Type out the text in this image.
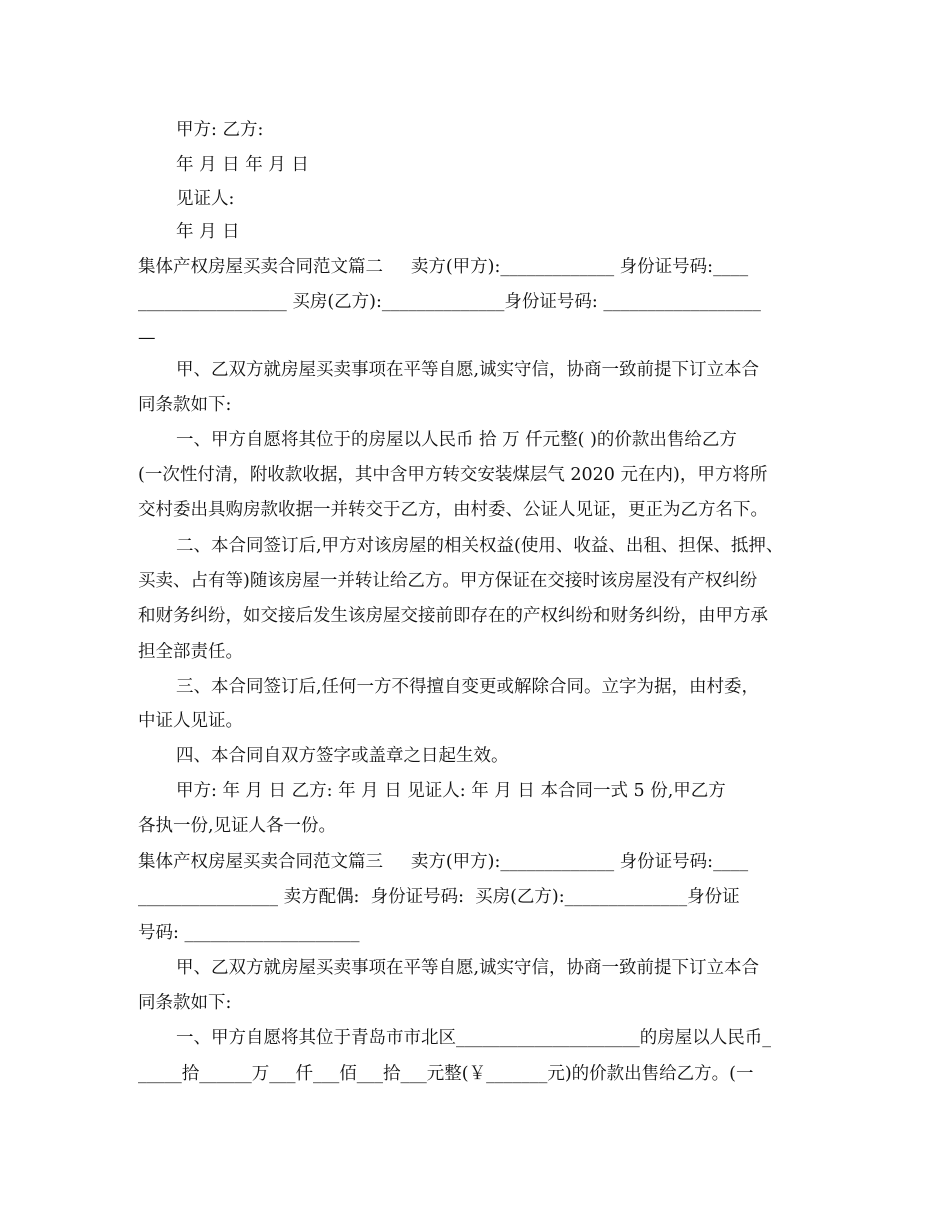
甲方: 乙方:
年 月 日 年 月 日
见证人:
年 月 日
集体产权房屋买卖合同范文篇二     卖方(甲方):_____________ 身份证号码:____
_________________ 买房(乙方):______________身份证号码: __________________
—
甲、乙双方就房屋买卖事项在平等自愿,诚实守信，协商一致前提下订立本合
同条款如下:
一、甲方自愿将其位于的房屋以人民币 拾 万 仟元整( )的价款出售给乙方
(一次性付清，附收款收据，其中含甲方转交安装煤层气 2020 元在内)，甲方将所
交村委出具购房款收据一并转交于乙方，由村委、公证人见证，更正为乙方名下。
二、本合同签订后,甲方对该房屋的相关权益(使用、收益、出租、担保、抵押、
买卖、占有等)随该房屋一并转让给乙方。甲方保证在交接时该房屋没有产权纠纷
和财务纠纷，如交接后发生该房屋交接前即存在的产权纠纷和财务纠纷，由甲方承
担全部责任。
三、本合同签订后,任何一方不得擅自变更或解除合同。立字为据，由村委，
中证人见证。
四、本合同自双方签字或盖章之日起生效。
甲方: 年 月 日 乙方: 年 月 日 见证人: 年 月 日 本合同一式 5 份,甲乙方
各执一份,见证人各一份。
集体产权房屋买卖合同范文篇三     卖方(甲方):_____________ 身份证号码:____
________________ 卖方配偶:  身份证号码:  买房(乙方):______________身份证
号码: ____________________
甲、乙双方就房屋买卖事项在平等自愿,诚实守信，协商一致前提下订立本合
同条款如下:
一、甲方自愿将其位于青岛市市北区_____________________的房屋以人民币_
_____拾______万___仟___佰___拾___元整(￥_______元)的价款出售给乙方。(一
